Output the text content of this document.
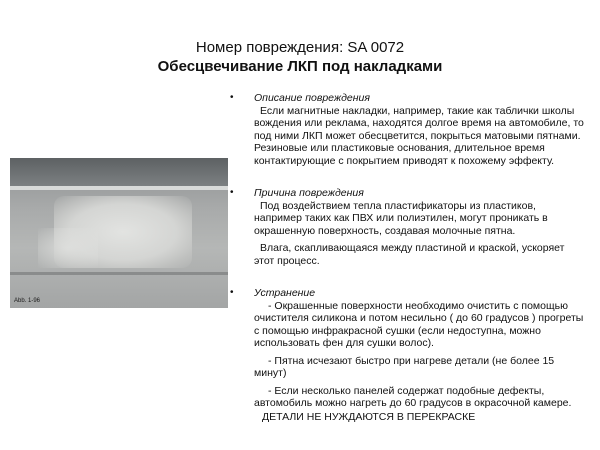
Номер повреждения: SA 0072
Обесцвечивание ЛКП под накладками
Abb. 1-96
• Описание повреждения

Если магнитные накладки, например, такие как таблички школы вождения или реклама, находятся долгое время на автомобиле, то под ними ЛКП может обесцветится, покрыться матовыми пятнами. Резиновые или пластиковые основания, длительное время контактирующие с покрытием приводят к похожему эффекту.

• Причина повреждения

Под воздействием тепла пластификаторы из пластиков, например таких как ПВХ или полиэтилен, могут проникать в окрашенную поверхность, создавая молочные пятна.

Влага, скапливающаяся между пластиной и краской, ускоряет этот процесс.

• Устранение

- Окрашенные поверхности необходимо очистить с помощью очистителя силикона и потом несильно ( до 60 градусов ) прогреты с помощью инфракрасной сушки (если недоступна, можно использовать фен для сушки волос).

- Пятна исчезают быстро при нагреве детали (не более 15 минут)

- Если несколько панелей содержат подобные дефекты, автомобиль можно нагреть до 60 градусов в окрасочной камере.

ДЕТАЛИ НЕ НУЖДАЮТСЯ В ПЕРЕКРАСКЕ
